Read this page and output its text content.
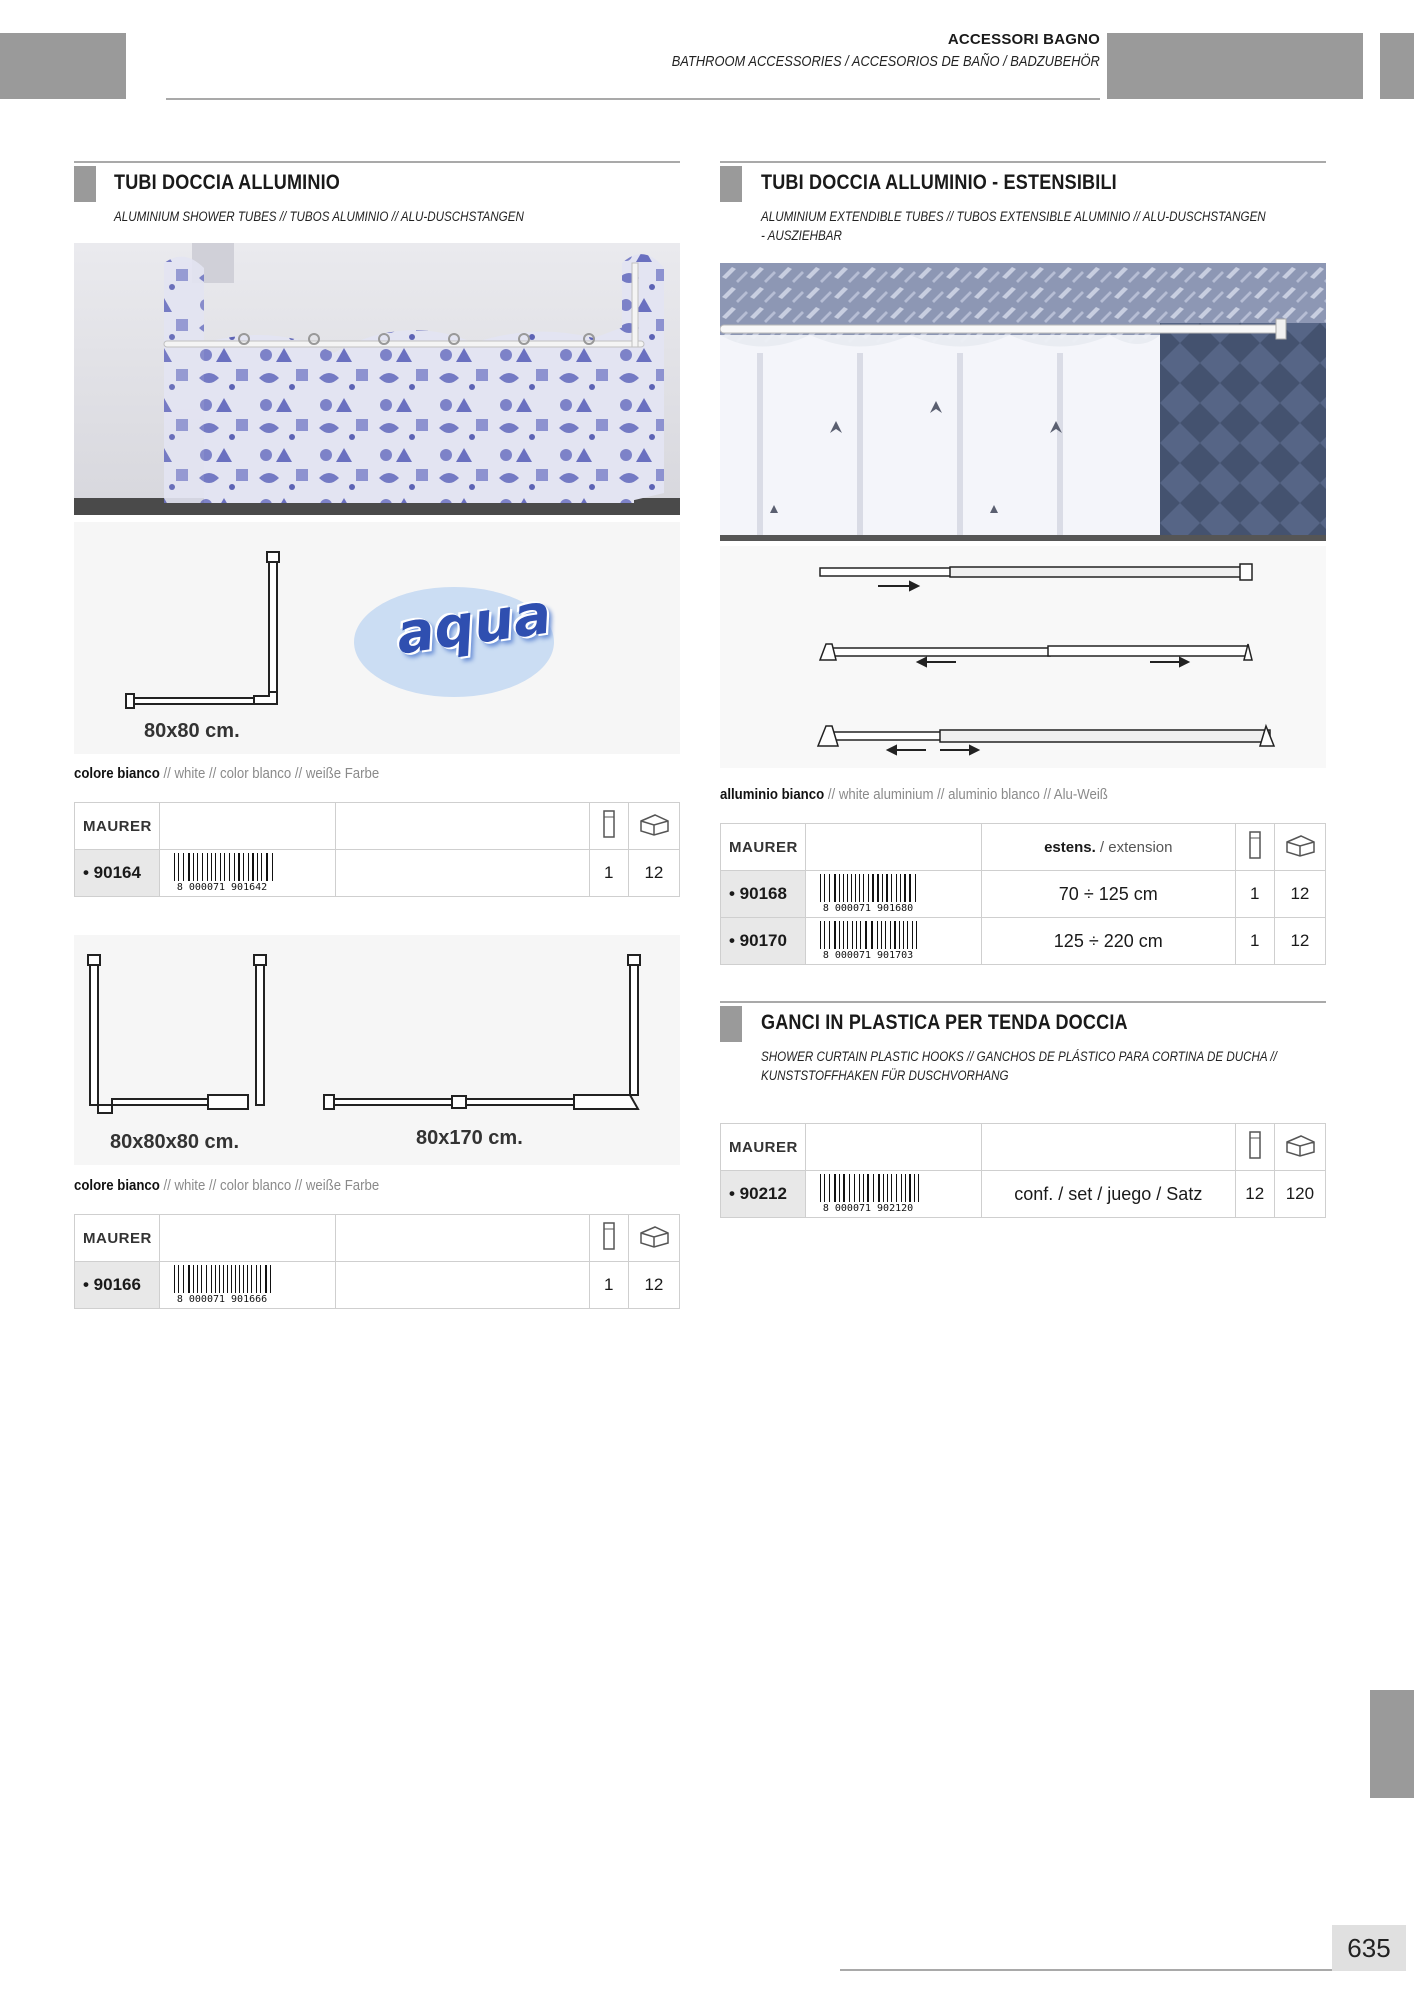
ACCESSORI BAGNO
BATHROOM ACCESSORIES / ACCESORIOS DE BAÑO / BADZUBEHÖR
TUBI DOCCIA ALLUMINIO
ALUMINIUM SHOWER TUBES // TUBOS ALUMINIO // ALU-DUSCHSTANGEN
80x80 cm.
aqua
colore bianco // white // color blanco // weiße Farbe
MAURER				
• 90164	8 000071 901642		1	12
80x80x80 cm.	80x170 cm.
colore bianco // white // color blanco // weiße Farbe
MAURER				
• 90166	8 000071 901666		1	12
TUBI DOCCIA ALLUMINIO - ESTENSIBILI
ALUMINIUM EXTENDIBLE TUBES // TUBOS EXTENSIBLE ALUMINIO // ALU-DUSCHSTANGEN
- AUSZIEHBAR
alluminio bianco // white aluminium // aluminio blanco // Alu-Weiß
MAURER		estens. / extension		
• 90168	8 000071 901680	70 ÷ 125 cm	1	12
• 90170	8 000071 901703	125 ÷ 220 cm	1	12
GANCI IN PLASTICA PER TENDA DOCCIA
SHOWER CURTAIN PLASTIC HOOKS // GANCHOS DE PLÁSTICO PARA CORTINA DE DUCHA //
KUNSTSTOFFHAKEN FÜR DUSCHVORHANG
MAURER				
• 90212	8 000071 902120	conf. / set / juego / Satz	12	120
635
